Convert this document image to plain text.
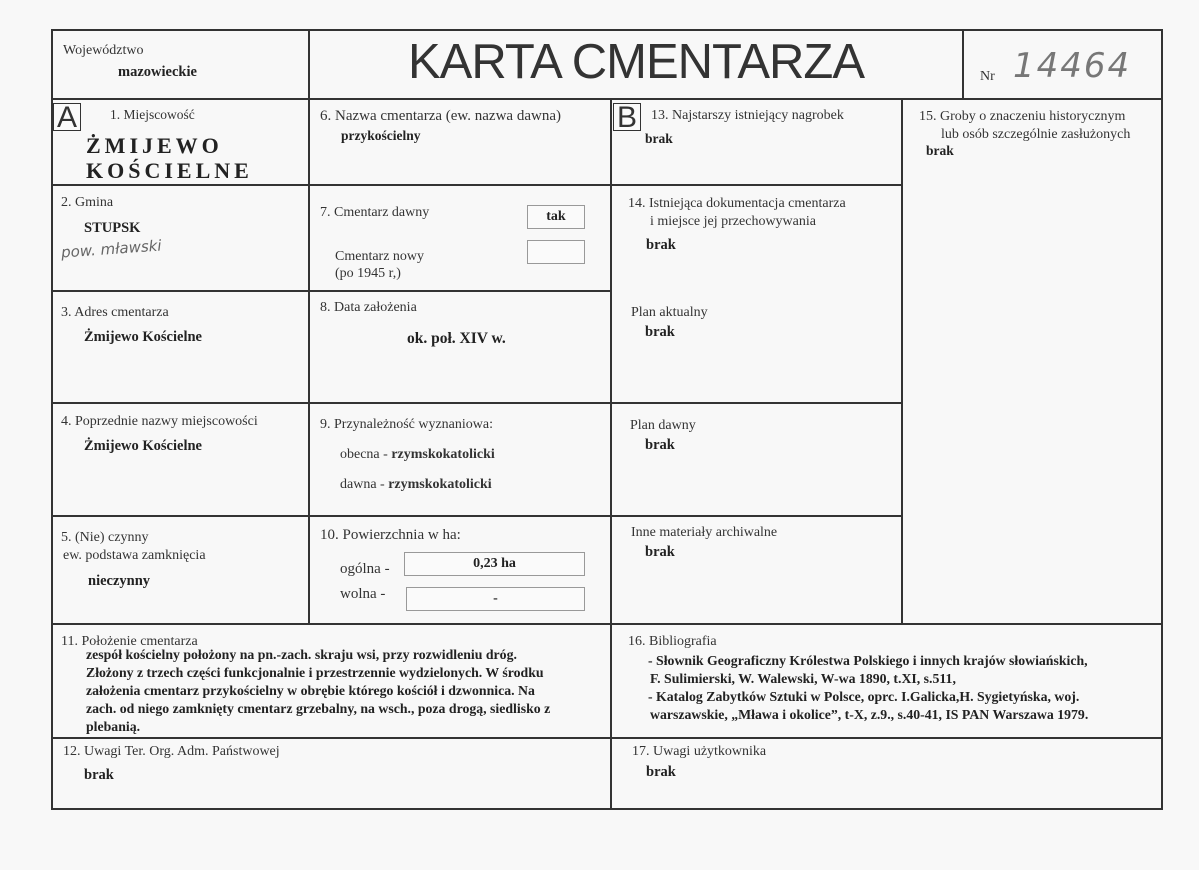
Województwo
mazowieckie	KARTA CMENTARZA	Nr 14464
A	B
1. Miejscowość
ŻMIJEWO
KOŚCIELNE
2. Gmina
STUPSK
pow. mławski
3. Adres cmentarza
Żmijewo Kościelne
4. Poprzednie nazwy miejscowości
Żmijewo Kościelne
5. (Nie) czynny
ew. podstawa zamknięcia
nieczynny
6. Nazwa cmentarza (ew. nazwa dawna)
przykościelny
7. Cmentarz dawny	tak
Cmentarz nowy
(po 1945 r,)
8. Data założenia
ok. poł. XIV w.
9. Przynależność wyznaniowa:
obecna - rzymskokatolicki
dawna - rzymskokatolicki
10. Powierzchnia w ha:
ogólna -	0,23 ha
wolna -	-
13. Najstarszy istniejący nagrobek
brak
14. Istniejąca dokumentacja cmentarza
i miejsce jej przechowywania
brak
Plan aktualny
brak
Plan dawny
brak
Inne materiały archiwalne
brak
15. Groby o znaczeniu historycznym
lub osób szczególnie zasłużonych
brak
11. Położenie cmentarza
zespół kościelny położony na pn.-zach. skraju wsi, przy rozwidleniu dróg.
Złożony z trzech części funkcjonalnie i przestrzennie wydzielonych. W środku
założenia cmentarz przykościelny w obrębie którego kościół i dzwonnica. Na
zach. od niego zamknięty cmentarz grzebalny, na wsch., poza drogą, siedlisko z
plebanią.
16. Bibliografia
- Słownik Geograficzny Królestwa Polskiego i innych krajów słowiańskich,
F. Sulimierski, W. Walewski, W-wa 1890, t.XI, s.511,
- Katalog Zabytków Sztuki w Polsce, oprc. I.Galicka,H. Sygietyńska, woj.
warszawskie, „Mława i okolice”, t-X, z.9., s.40-41, IS PAN Warszawa 1979.
12. Uwagi Ter. Org. Adm. Państwowej
brak
17. Uwagi użytkownika
brak
